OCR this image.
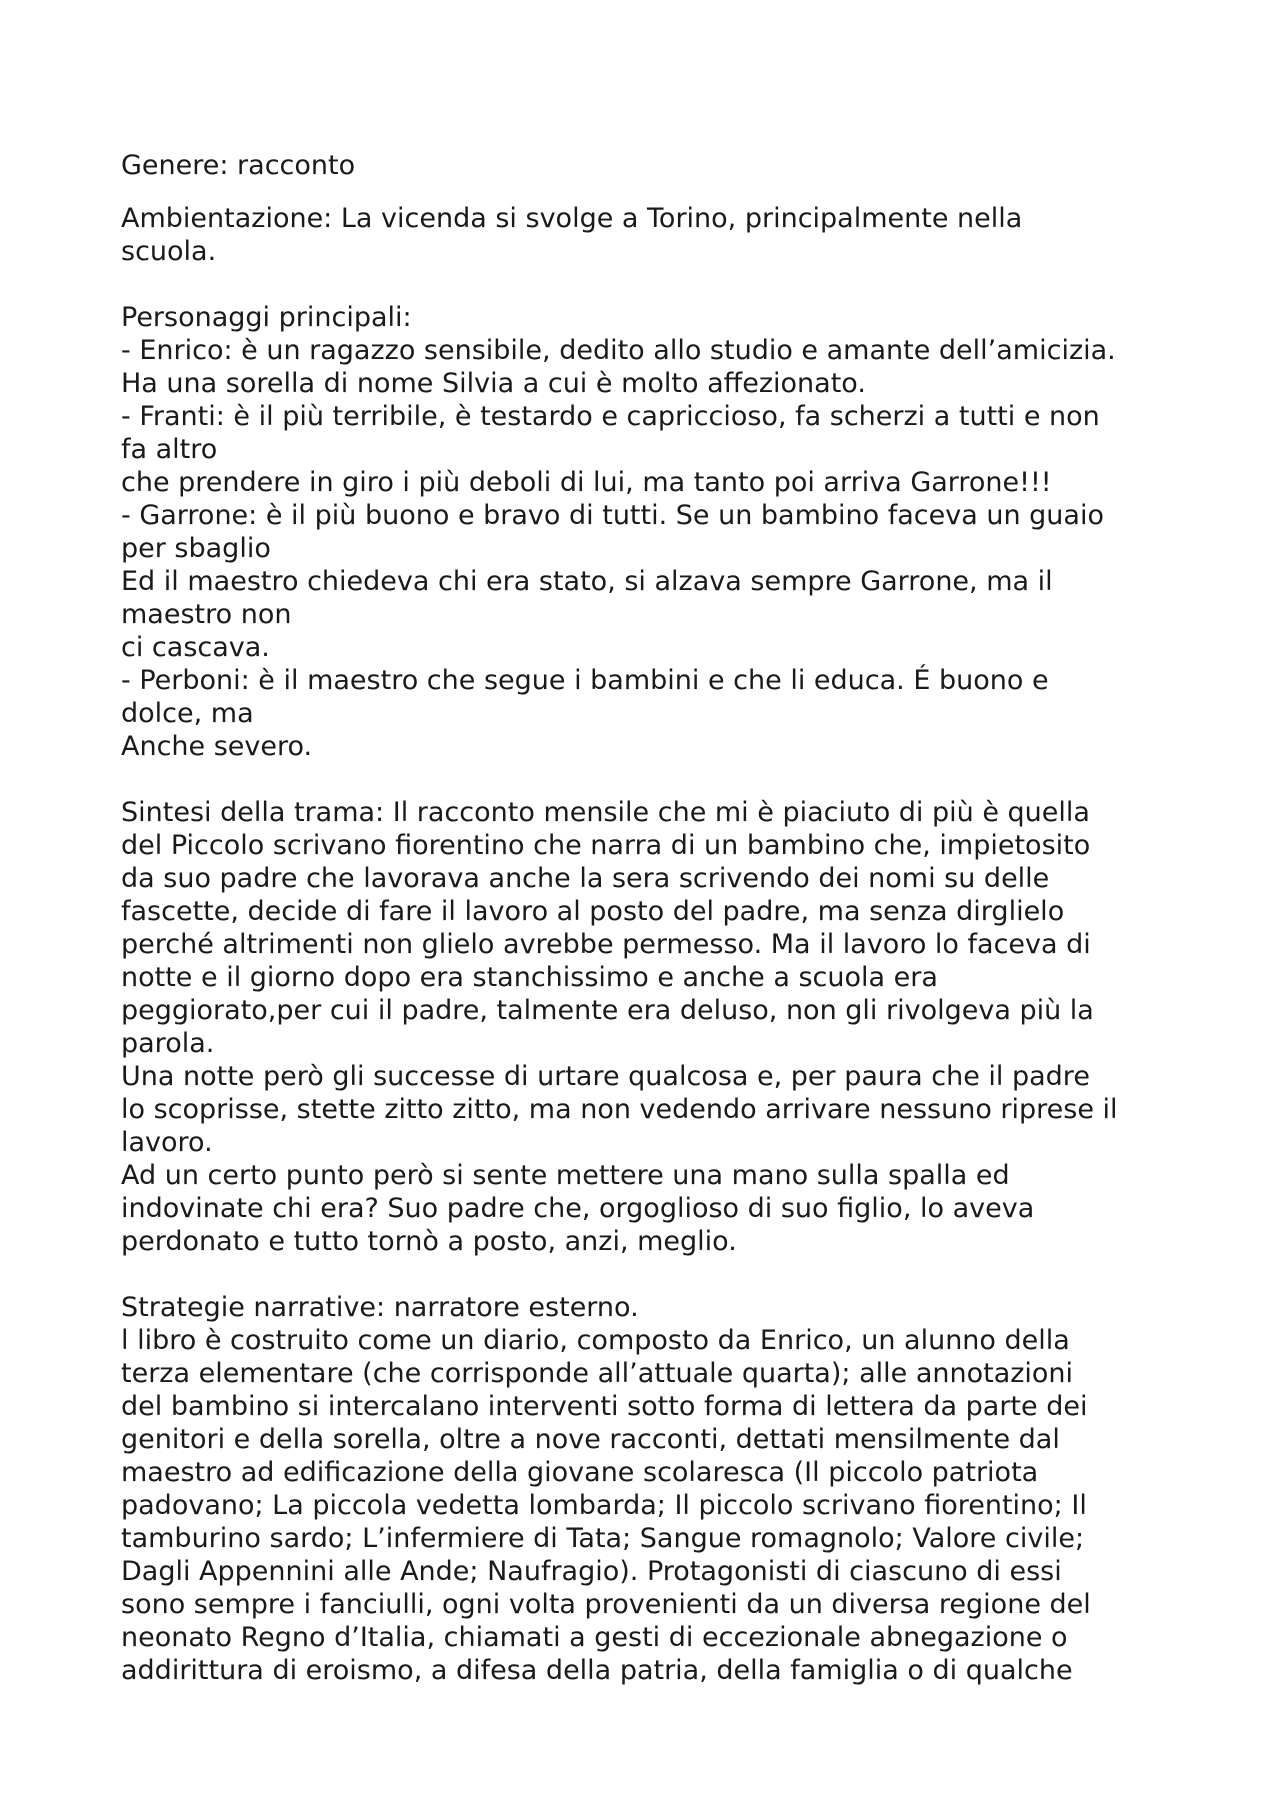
Genere: racconto
Ambientazione: La vicenda si svolge a Torino, principalmente nella
scuola.
Personaggi principali:
- Enrico: è un ragazzo sensibile, dedito allo studio e amante dell’amicizia.
Ha una sorella di nome Silvia a cui è molto affezionato.
- Franti: è il più terribile, è testardo e capriccioso, fa scherzi a tutti e non
fa altro
che prendere in giro i più deboli di lui, ma tanto poi arriva Garrone!!!
- Garrone: è il più buono e bravo di tutti. Se un bambino faceva un guaio
per sbaglio
Ed il maestro chiedeva chi era stato, si alzava sempre Garrone, ma il
maestro non
ci cascava.
- Perboni: è il maestro che segue i bambini e che li educa. É buono e
dolce, ma
Anche severo.
Sintesi della trama: Il racconto mensile che mi è piaciuto di più è quella
del Piccolo scrivano fiorentino che narra di un bambino che, impietosito
da suo padre che lavorava anche la sera scrivendo dei nomi su delle
fascette, decide di fare il lavoro al posto del padre, ma senza dirglielo
perché altrimenti non glielo avrebbe permesso. Ma il lavoro lo faceva di
notte e il giorno dopo era stanchissimo e anche a scuola era
peggiorato,per cui il padre, talmente era deluso, non gli rivolgeva più la
parola.
Una notte però gli successe di urtare qualcosa e, per paura che il padre
lo scoprisse, stette zitto zitto, ma non vedendo arrivare nessuno riprese il
lavoro.
Ad un certo punto però si sente mettere una mano sulla spalla ed
indovinate chi era? Suo padre che, orgoglioso di suo figlio, lo aveva
perdonato e tutto tornò a posto, anzi, meglio.
Strategie narrative: narratore esterno.
l libro è costruito come un diario, composto da Enrico, un alunno della
terza elementare (che corrisponde all’attuale quarta); alle annotazioni
del bambino si intercalano interventi sotto forma di lettera da parte dei
genitori e della sorella, oltre a nove racconti, dettati mensilmente dal
maestro ad edificazione della giovane scolaresca (Il piccolo patriota
padovano; La piccola vedetta lombarda; Il piccolo scrivano fiorentino; Il
tamburino sardo; L’infermiere di Tata; Sangue romagnolo; Valore civile;
Dagli Appennini alle Ande; Naufragio). Protagonisti di ciascuno di essi
sono sempre i fanciulli, ogni volta provenienti da un diversa regione del
neonato Regno d’Italia, chiamati a gesti di eccezionale abnegazione o
addirittura di eroismo, a difesa della patria, della famiglia o di qualche
